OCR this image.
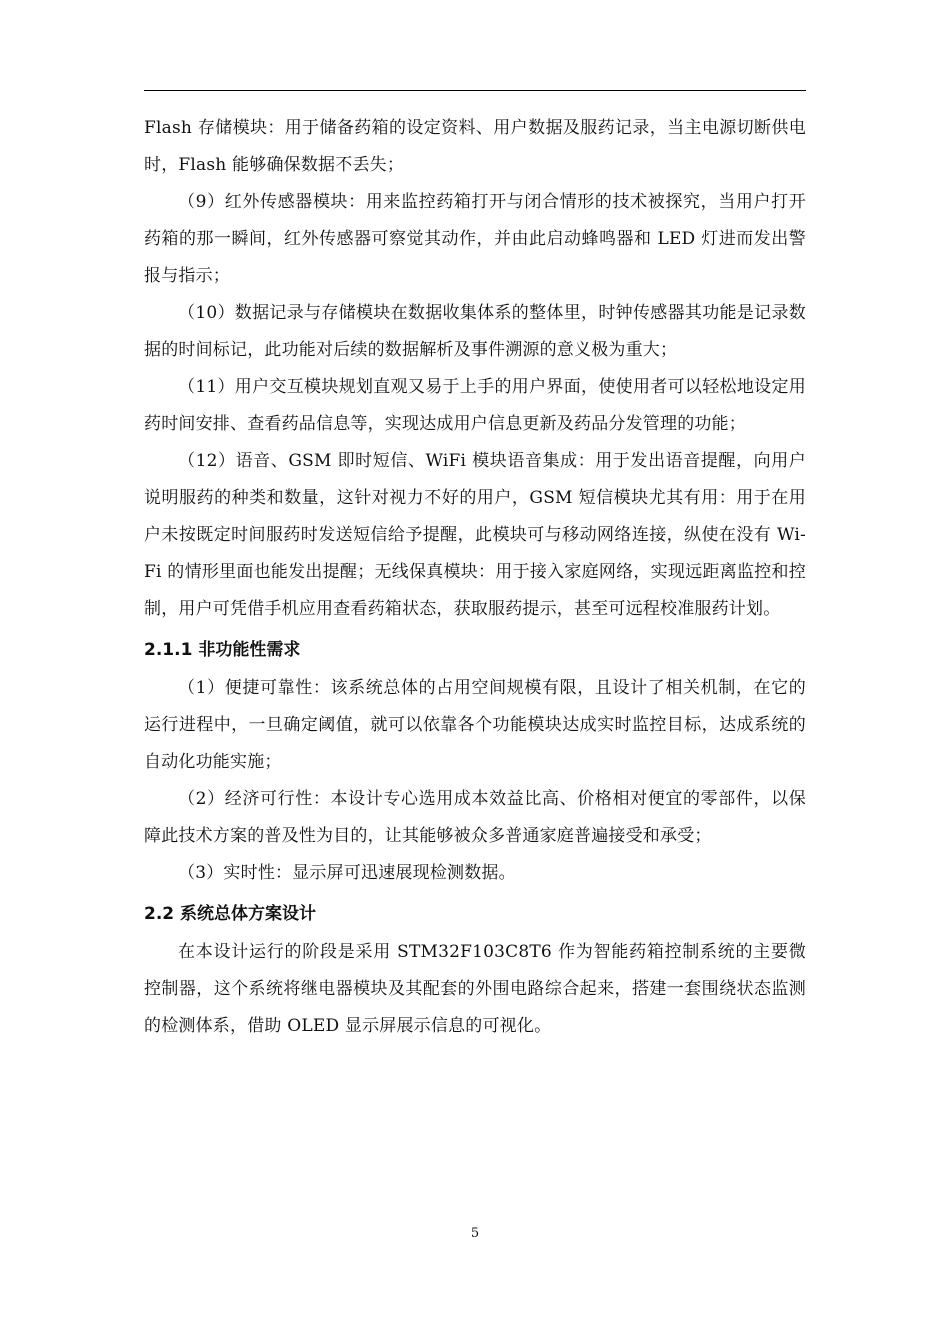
Flash 存储模块：用于储备药箱的设定资料、用户数据及服药记录，当主电源切断供电时，Flash 能够确保数据不丢失；

（9）红外传感器模块：用来监控药箱打开与闭合情形的技术被探究，当用户打开药箱的那一瞬间，红外传感器可察觉其动作，并由此启动蜂鸣器和 LED 灯进而发出警报与指示；

（10）数据记录与存储模块在数据收集体系的整体里，时钟传感器其功能是记录数据的时间标记，此功能对后续的数据解析及事件溯源的意义极为重大；

（11）用户交互模块规划直观又易于上手的用户界面，使使用者可以轻松地设定用药时间安排、查看药品信息等，实现达成用户信息更新及药品分发管理的功能；

（12）语音、GSM 即时短信、WiFi 模块语音集成：用于发出语音提醒，向用户说明服药的种类和数量，这针对视力不好的用户，GSM 短信模块尤其有用：用于在用户未按既定时间服药时发送短信给予提醒，此模块可与移动网络连接，纵使在没有 Wi-Fi 的情形里面也能发出提醒；无线保真模块：用于接入家庭网络，实现远距离监控和控制，用户可凭借手机应用查看药箱状态，获取服药提示，甚至可远程校准服药计划。

2.1.1 非功能性需求

（1）便捷可靠性：该系统总体的占用空间规模有限，且设计了相关机制，在它的运行进程中，一旦确定阈值，就可以依靠各个功能模块达成实时监控目标，达成系统的自动化功能实施；

（2）经济可行性：本设计专心选用成本效益比高、价格相对便宜的零部件，以保障此技术方案的普及性为目的，让其能够被众多普通家庭普遍接受和承受；

（3）实时性：显示屏可迅速展现检测数据。

2.2 系统总体方案设计

在本设计运行的阶段是采用 STM32F103C8T6 作为智能药箱控制系统的主要微控制器，这个系统将继电器模块及其配套的外围电路综合起来，搭建一套围绕状态监测的检测体系，借助 OLED 显示屏展示信息的可视化。

5
